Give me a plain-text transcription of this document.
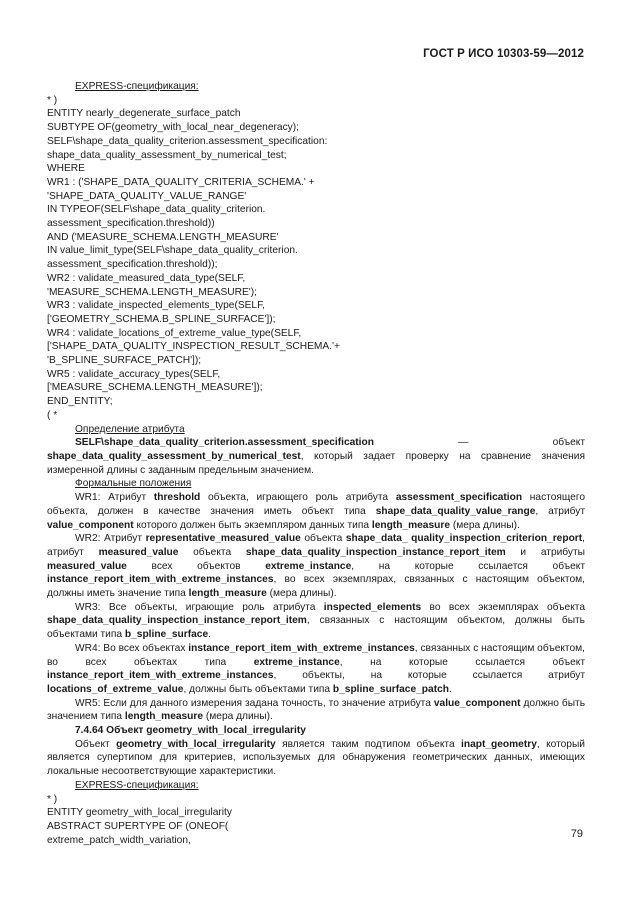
ГОСТ Р ИСО 10303-59—2012
EXPRESS-спецификация:
* )
ENTITY nearly_degenerate_surface_patch
SUBTYPE OF(geometry_with_local_near_degeneracy);
SELF\shape_data_quality_criterion.assessment_specification:
shape_data_quality_assessment_by_numerical_test;
WHERE
WR1 : ('SHAPE_DATA_QUALITY_CRITERIA_SCHEMA.' +
'SHAPE_DATA_QUALITY_VALUE_RANGE'
IN TYPEOF(SELF\shape_data_quality_criterion.
assessment_specification.threshold))
AND ('MEASURE_SCHEMA.LENGTH_MEASURE'
IN value_limit_type(SELF\shape_data_quality_criterion.
assessment_specification.threshold));
WR2 : validate_measured_data_type(SELF,
'MEASURE_SCHEMA.LENGTH_MEASURE');
WR3 : validate_inspected_elements_type(SELF,
['GEOMETRY_SCHEMA.B_SPLINE_SURFACE']);
WR4 : validate_locations_of_extreme_value_type(SELF,
['SHAPE_DATA_QUALITY_INSPECTION_RESULT_SCHEMA.'+
'B_SPLINE_SURFACE_PATCH']);
WR5 : validate_accuracy_types(SELF,
['MEASURE_SCHEMA.LENGTH_MEASURE']);
END_ENTITY;
( *
Определение атрибута

SELF\shape_data_quality_criterion.assessment_specification — объект shape_data_quality_assessment_by_numerical_test, который задает проверку на сравнение значения измеренной длины с заданным предельным значением.

Формальные положения

WR1: Атрибут threshold объекта, играющего роль атрибута assessment_specification настоящего объекта, должен в качестве значения иметь объект типа shape_data_quality_value_range, атрибут value_component которого должен быть экземпляром данных типа length_measure (мера длины).

WR2: Атрибут representative_measured_value объекта shape_data_ quality_inspection_criterion_report, атрибут measured_value объекта shape_data_quality_inspection_instance_report_item и атрибуты measured_value всех объектов extreme_instance, на которые ссылается объект instance_report_item_with_extreme_instances, во всех экземплярах, связанных с настоящим объектом, должны иметь значение типа length_measure (мера длины).

WR3: Все объекты, играющие роль атрибута inspected_elements во всех экземплярах объекта shape_data_quality_inspection_instance_report_item, связанных с настоящим объектом, должны быть объектами типа b_spline_surface.

WR4: Во всех объектах instance_report_item_with_extreme_instances, связанных с настоящим объектом, во всех объектах типа extreme_instance, на которые ссылается объект instance_report_item_with_extreme_instances, объекты, на которые ссылается атрибут locations_of_extreme_value, должны быть объектами типа b_spline_surface_patch.

WR5: Если для данного измерения задана точность, то значение атрибута value_component должно быть значением типа length_measure (мера длины).

7.4.64 Объект geometry_with_local_irregularity

Объект geometry_with_local_irregularity является таким подтипом объекта inapt_geometry, который является супертипом для критериев, используемых для обнаружения геометрических данных, имеющих локальные несоответствующие характеристики.

EXPRESS-спецификация:
* )
ENTITY geometry_with_local_irregularity
ABSTRACT SUPERTYPE OF (ONEOF(
extreme_patch_width_variation,
79
